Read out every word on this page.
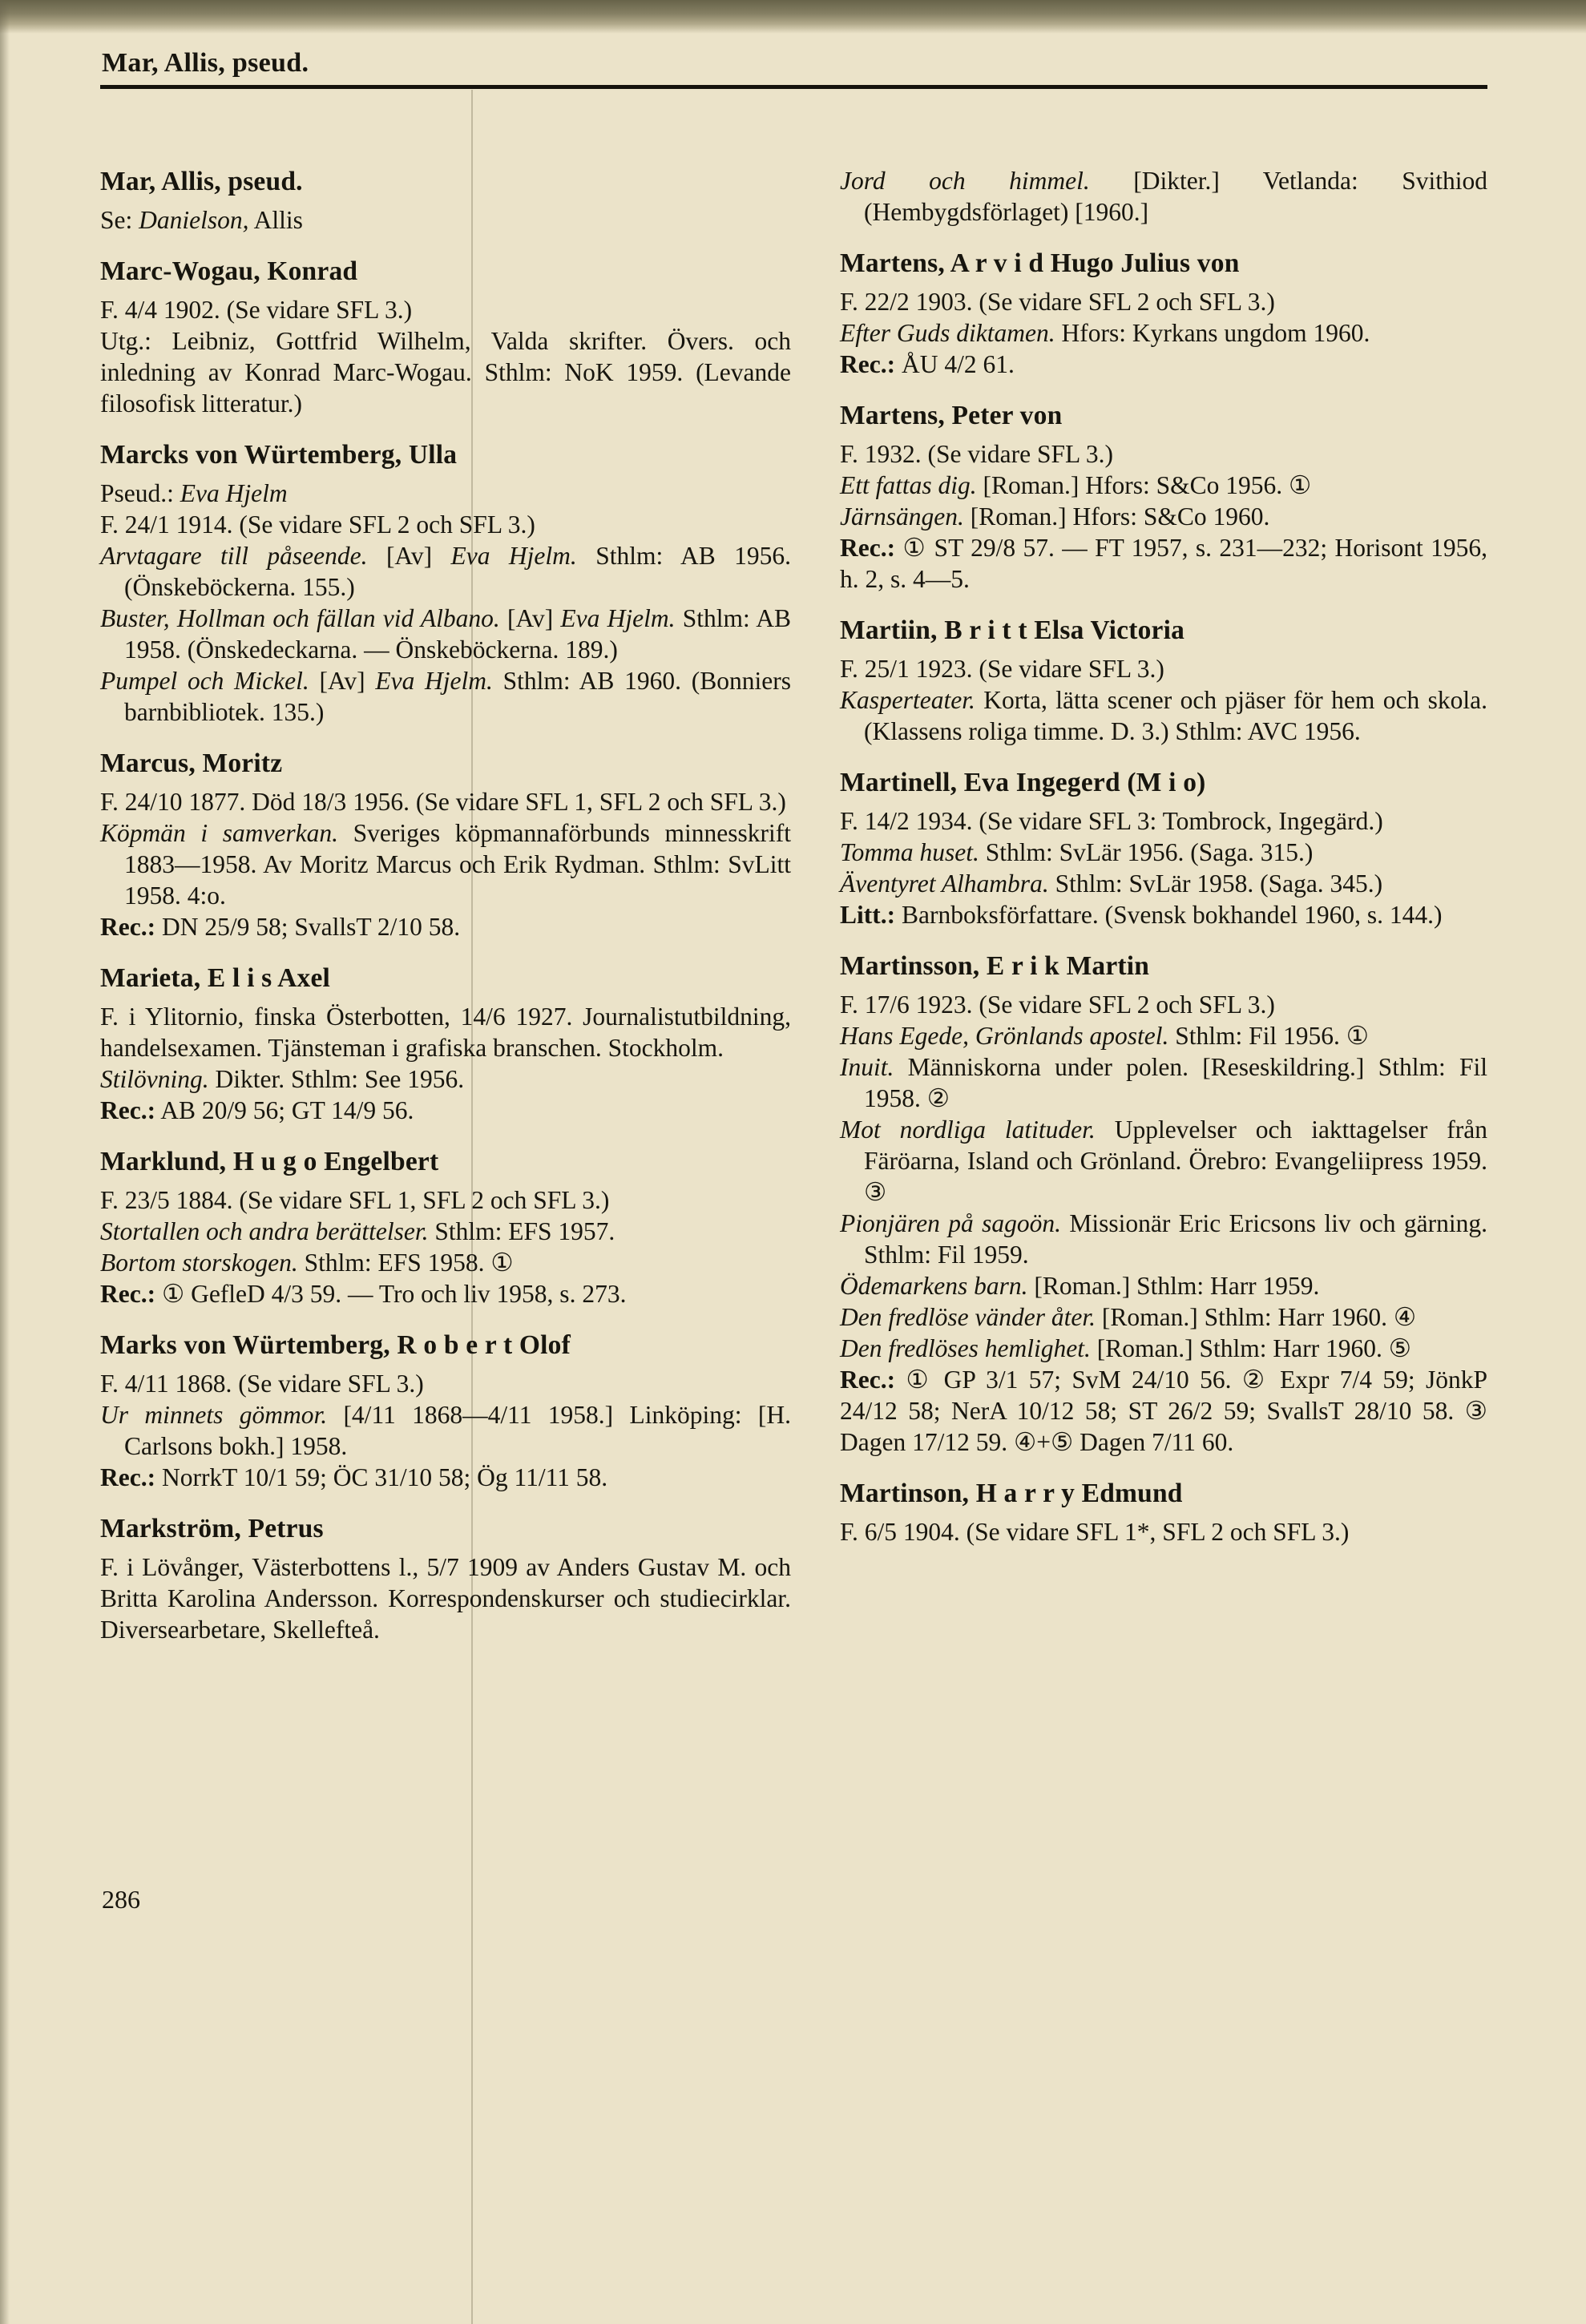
Mar, Allis, pseud.
Mar, Allis, pseud.

Se: Danielson, Allis

Marc-Wogau, Konrad

F. 4/4 1902. (Se vidare SFL 3.)

Utg.: Leibniz, Gottfrid Wilhelm, Valda skrifter. Övers. och inledning av Konrad Marc-Wogau. Sthlm: NoK 1959. (Levande filosofisk litteratur.)

Marcks von Würtemberg, Ulla

Pseud.: Eva Hjelm

F. 24/1 1914. (Se vidare SFL 2 och SFL 3.)

Arvtagare till påseende. [Av] Eva Hjelm. Sthlm: AB 1956. (Önskeböckerna. 155.)

Buster, Hollman och fällan vid Albano. [Av] Eva Hjelm. Sthlm: AB 1958. (Önskedeckarna. — Önskeböckerna. 189.)

Pumpel och Mickel. [Av] Eva Hjelm. Sthlm: AB 1960. (Bonniers barnbibliotek. 135.)

Marcus, Moritz

F. 24/10 1877. Död 18/3 1956. (Se vidare SFL 1, SFL 2 och SFL 3.)

Köpmän i samverkan. Sveriges köpmannaförbunds minnesskrift 1883—1958. Av Moritz Marcus och Erik Rydman. Sthlm: SvLitt 1958. 4:o.

Rec.: DN 25/9 58; SvallsT 2/10 58.

Marieta, E l i s Axel

F. i Ylitornio, finska Österbotten, 14/6 1927. Journalistutbildning, handelsexamen. Tjänsteman i grafiska branschen. Stockholm.

Stilövning. Dikter. Sthlm: See 1956.

Rec.: AB 20/9 56; GT 14/9 56.

Marklund, H u g o Engelbert

F. 23/5 1884. (Se vidare SFL 1, SFL 2 och SFL 3.)

Stortallen och andra berättelser. Sthlm: EFS 1957.

Bortom storskogen. Sthlm: EFS 1958. ①

Rec.: ① GefleD 4/3 59. — Tro och liv 1958, s. 273.

Marks von Würtemberg, R o b e r t Olof

F. 4/11 1868. (Se vidare SFL 3.)

Ur minnets gömmor. [4/11 1868—4/11 1958.] Linköping: [H. Carlsons bokh.] 1958.

Rec.: NorrkT 10/1 59; ÖC 31/10 58; Ög 11/11 58.

Markström, Petrus

F. i Lövånger, Västerbottens l., 5/7 1909 av Anders Gustav M. och Britta Karolina Andersson. Korrespondenskurser och studiecirklar. Diversearbetare, Skellefteå.

Jord och himmel. [Dikter.] Vetlanda: Svithiod (Hembygdsförlaget) [1960.]

Martens, A r v i d Hugo Julius von

F. 22/2 1903. (Se vidare SFL 2 och SFL 3.)

Efter Guds diktamen. Hfors: Kyrkans ungdom 1960.

Rec.: ÅU 4/2 61.

Martens, Peter von

F. 1932. (Se vidare SFL 3.)

Ett fattas dig. [Roman.] Hfors: S&Co 1956. ①

Järnsängen. [Roman.] Hfors: S&Co 1960.

Rec.: ① ST 29/8 57. — FT 1957, s. 231—232; Horisont 1956, h. 2, s. 4—5.

Martiin, B r i t t Elsa Victoria

F. 25/1 1923. (Se vidare SFL 3.)

Kasperteater. Korta, lätta scener och pjäser för hem och skola. (Klassens roliga timme. D. 3.) Sthlm: AVC 1956.

Martinell, Eva Ingegerd (M i o)

F. 14/2 1934. (Se vidare SFL 3: Tombrock, Ingegärd.)

Tomma huset. Sthlm: SvLär 1956. (Saga. 315.)

Äventyret Alhambra. Sthlm: SvLär 1958. (Saga. 345.)

Litt.: Barnboksförfattare. (Svensk bokhandel 1960, s. 144.)

Martinsson, E r i k Martin

F. 17/6 1923. (Se vidare SFL 2 och SFL 3.)

Hans Egede, Grönlands apostel. Sthlm: Fil 1956. ①

Inuit. Människorna under polen. [Reseskildring.] Sthlm: Fil 1958. ②

Mot nordliga latituder. Upplevelser och iakttagelser från Färöarna, Island och Grönland. Örebro: Evangeliipress 1959. ③

Pionjären på sagoön. Missionär Eric Ericsons liv och gärning. Sthlm: Fil 1959.

Ödemarkens barn. [Roman.] Sthlm: Harr 1959.

Den fredlöse vänder åter. [Roman.] Sthlm: Harr 1960. ④

Den fredlöses hemlighet. [Roman.] Sthlm: Harr 1960. ⑤

Rec.: ① GP 3/1 57; SvM 24/10 56. ② Expr 7/4 59; JönkP 24/12 58; NerA 10/12 58; ST 26/2 59; SvallsT 28/10 58. ③ Dagen 17/12 59. ④+⑤ Dagen 7/11 60.

Martinson, H a r r y Edmund

F. 6/5 1904. (Se vidare SFL 1*, SFL 2 och SFL 3.)

286
